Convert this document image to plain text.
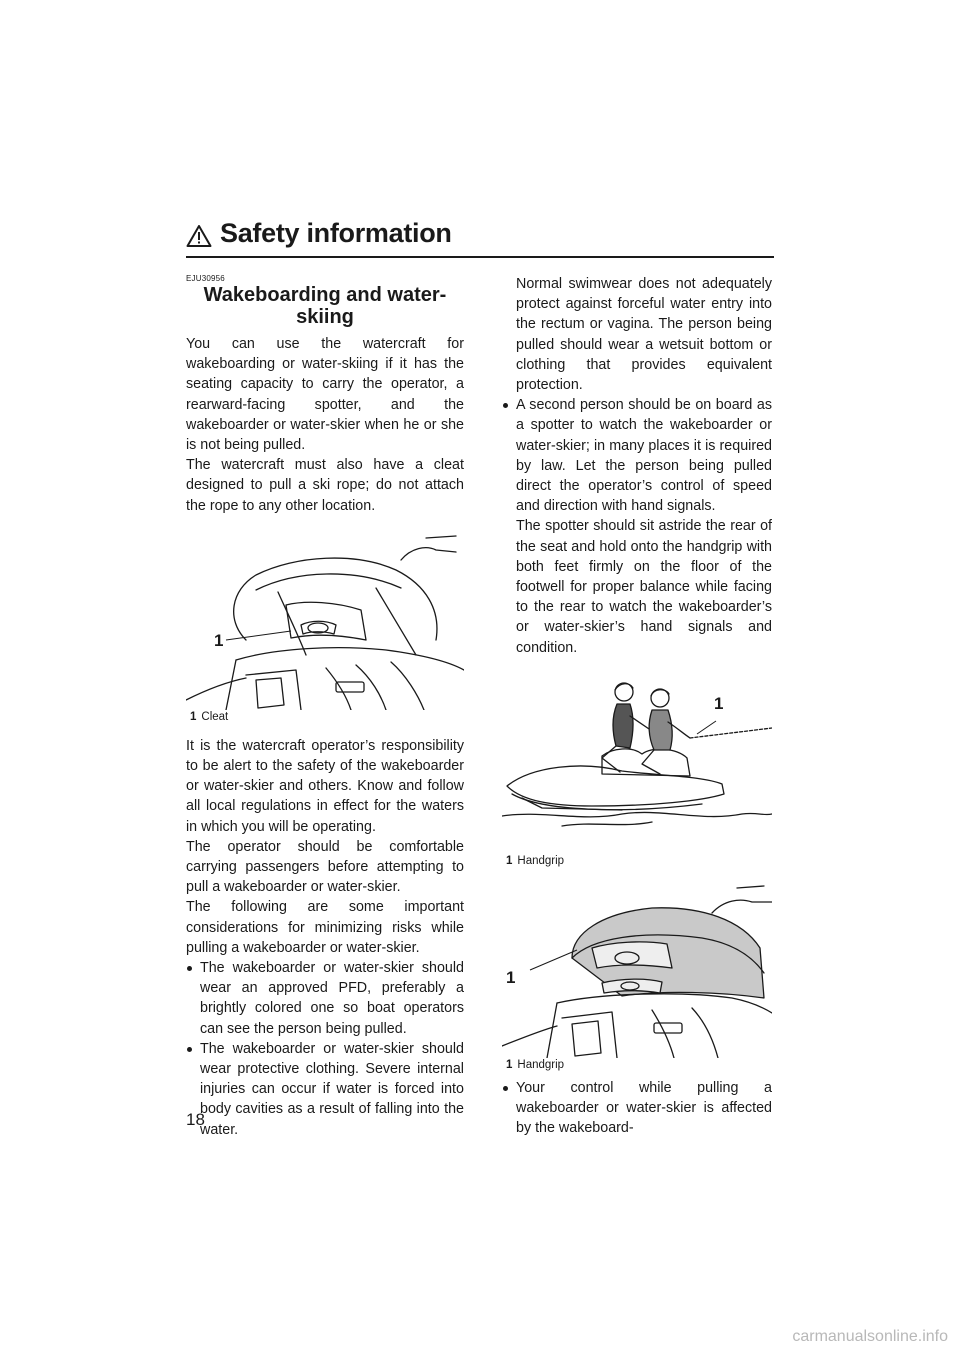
Safety information
18
EJU30956
Wakeboarding and water-skiing

You can use the watercraft for wakeboarding or water-skiing if it has the seating capacity to carry the operator, a rearward-facing spotter, and the wakeboarder or water-skier when he or she is not being pulled.

The watercraft must also have a cleat designed to pull a ski rope; do not attach the rope to any other location.

1
1 Cleat

It is the watercraft operator’s responsibility to be alert to the safety of the wakeboarder or water-skier and others. Know and follow all local regulations in effect for the waters in which you will be operating.

The operator should be comfortable carrying passengers before attempting to pull a wakeboarder or water-skier.

The following are some important considerations for minimizing risks while pulling a wakeboarder or water-skier.

The wakeboarder or water-skier should wear an approved PFD, preferably a brightly colored one so boat operators can see the person being pulled.
The wakeboarder or water-skier should wear protective clothing. Severe internal injuries can occur if water is forced into body cavities as a result of falling into the water.
Normal swimwear does not adequately protect against forceful water entry into the rectum or vagina. The person being pulled should wear a wetsuit bottom or clothing that provides equivalent protection.
A second person should be on board as a spotter to watch the wakeboarder or water-skier; in many places it is required by law. Let the person being pulled direct the operator’s control of speed and direction with hand signals.
The spotter should sit astride the rear of the seat and hold onto the handgrip with both feet firmly on the floor of the footwell for proper balance while facing to the rear to watch the wakeboarder’s or water-skier’s hand signals and condition.
1
1 Handgrip
1
1 Handgrip
Your control while pulling a wakeboarder or water-skier is affected by the wakeboard-
carmanualsonline.info
